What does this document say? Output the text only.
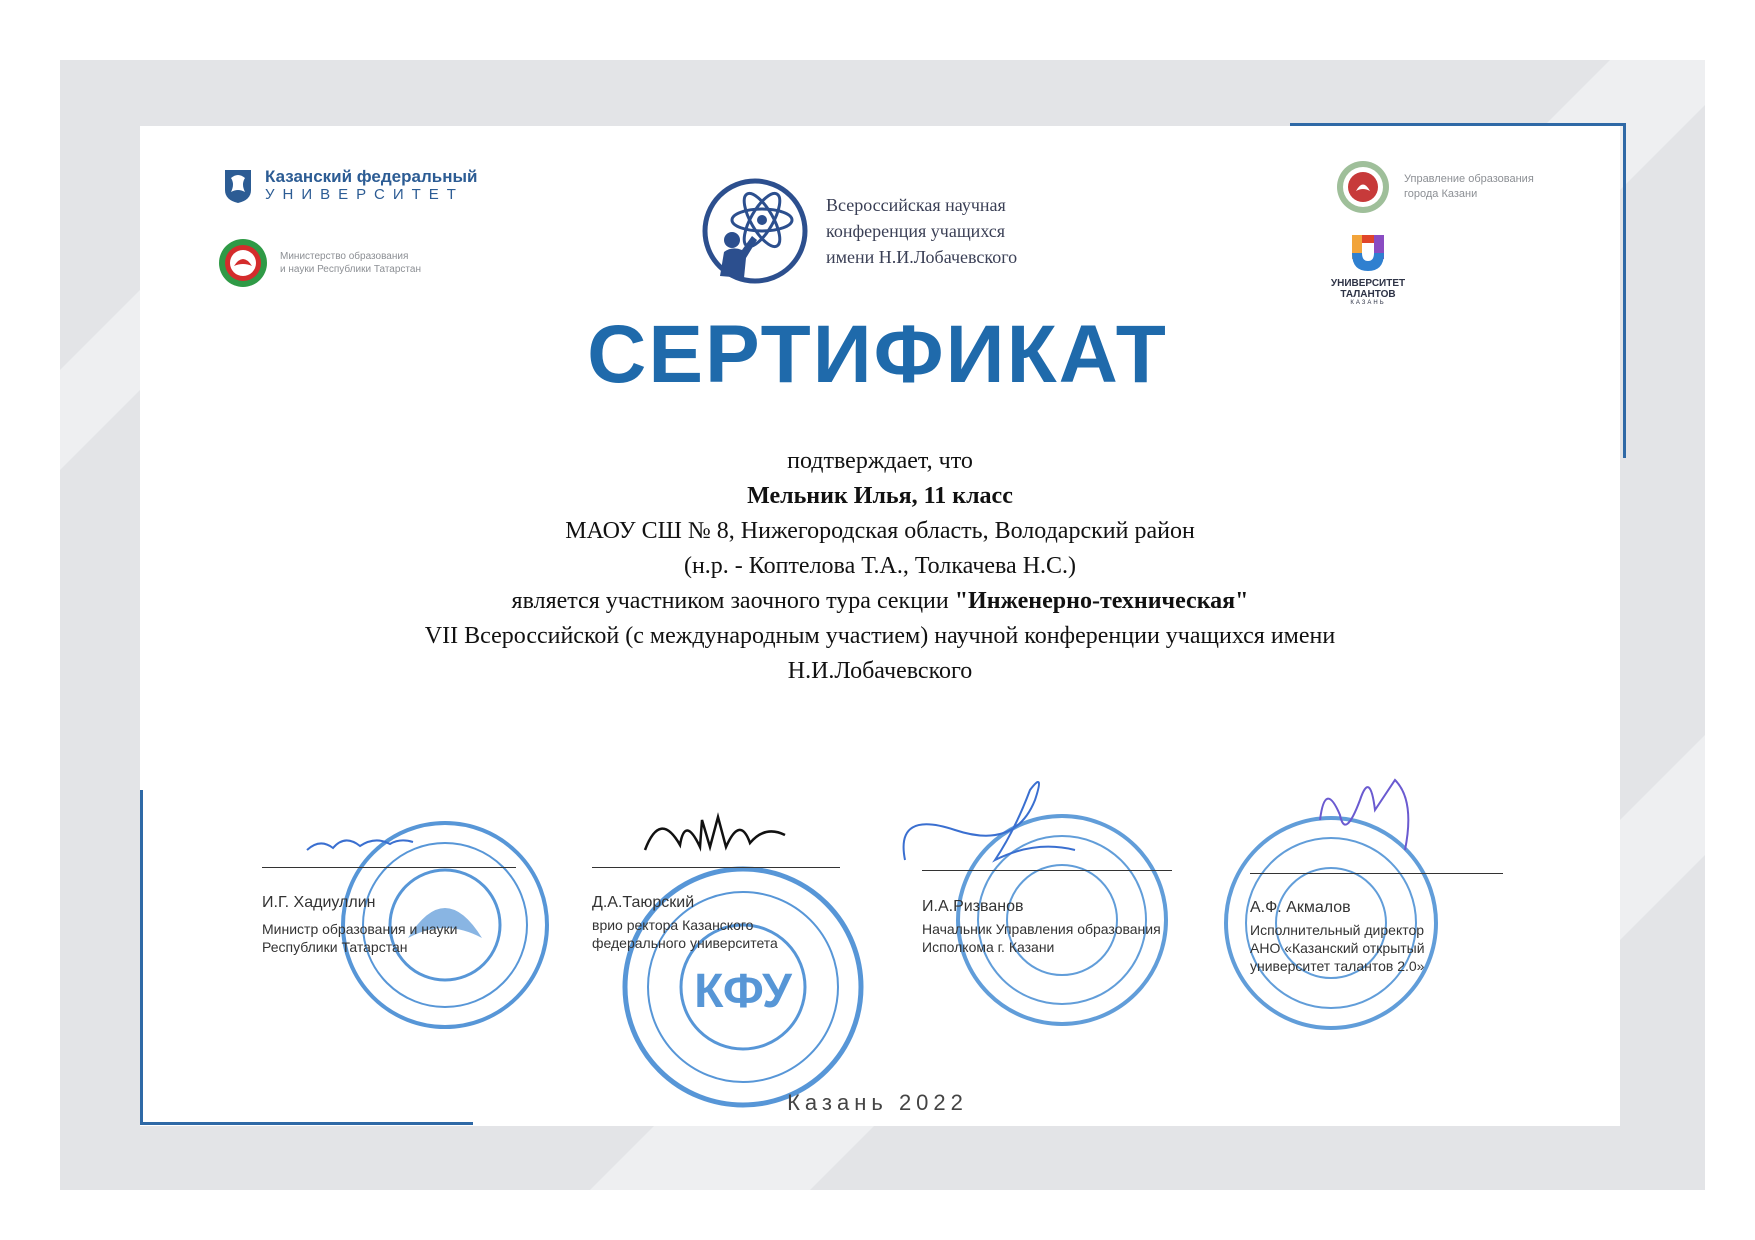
Казанский федеральный
УНИВЕРСИТЕТ
Министерство образования
и науки Республики Татарстан
Всероссийская научная
конференция учащихся
имени Н.И.Лобачевского
Управление образования
города Казани
УНИВЕРСИТЕТ
ТАЛАНТОВ
КАЗАНЬ
СЕРТИФИКАТ
подтверждает, что
Мельник Илья, 11 класс
МАОУ СШ № 8, Нижегородская область, Володарский район
(н.р. - Коптелова Т.А., Толкачева Н.С.)
является участником заочного тура секции "Инженерно-техническая"
VII Всероссийской (с международным участием) научной конференции учащихся имени
Н.И.Лобачевского
КФУ
И.Г. Хадиуллин
Министр образования и науки
Республики Татарстан
Д.А.Таюрский
врио ректора Казанского
федерального университета
И.А.Ризванов
Начальник Управления образования
Исполкома г. Казани
А.Ф. Акмалов
Исполнительный директор
АНО «Казанский открытый
университет талантов 2.0»
Казань 2022
